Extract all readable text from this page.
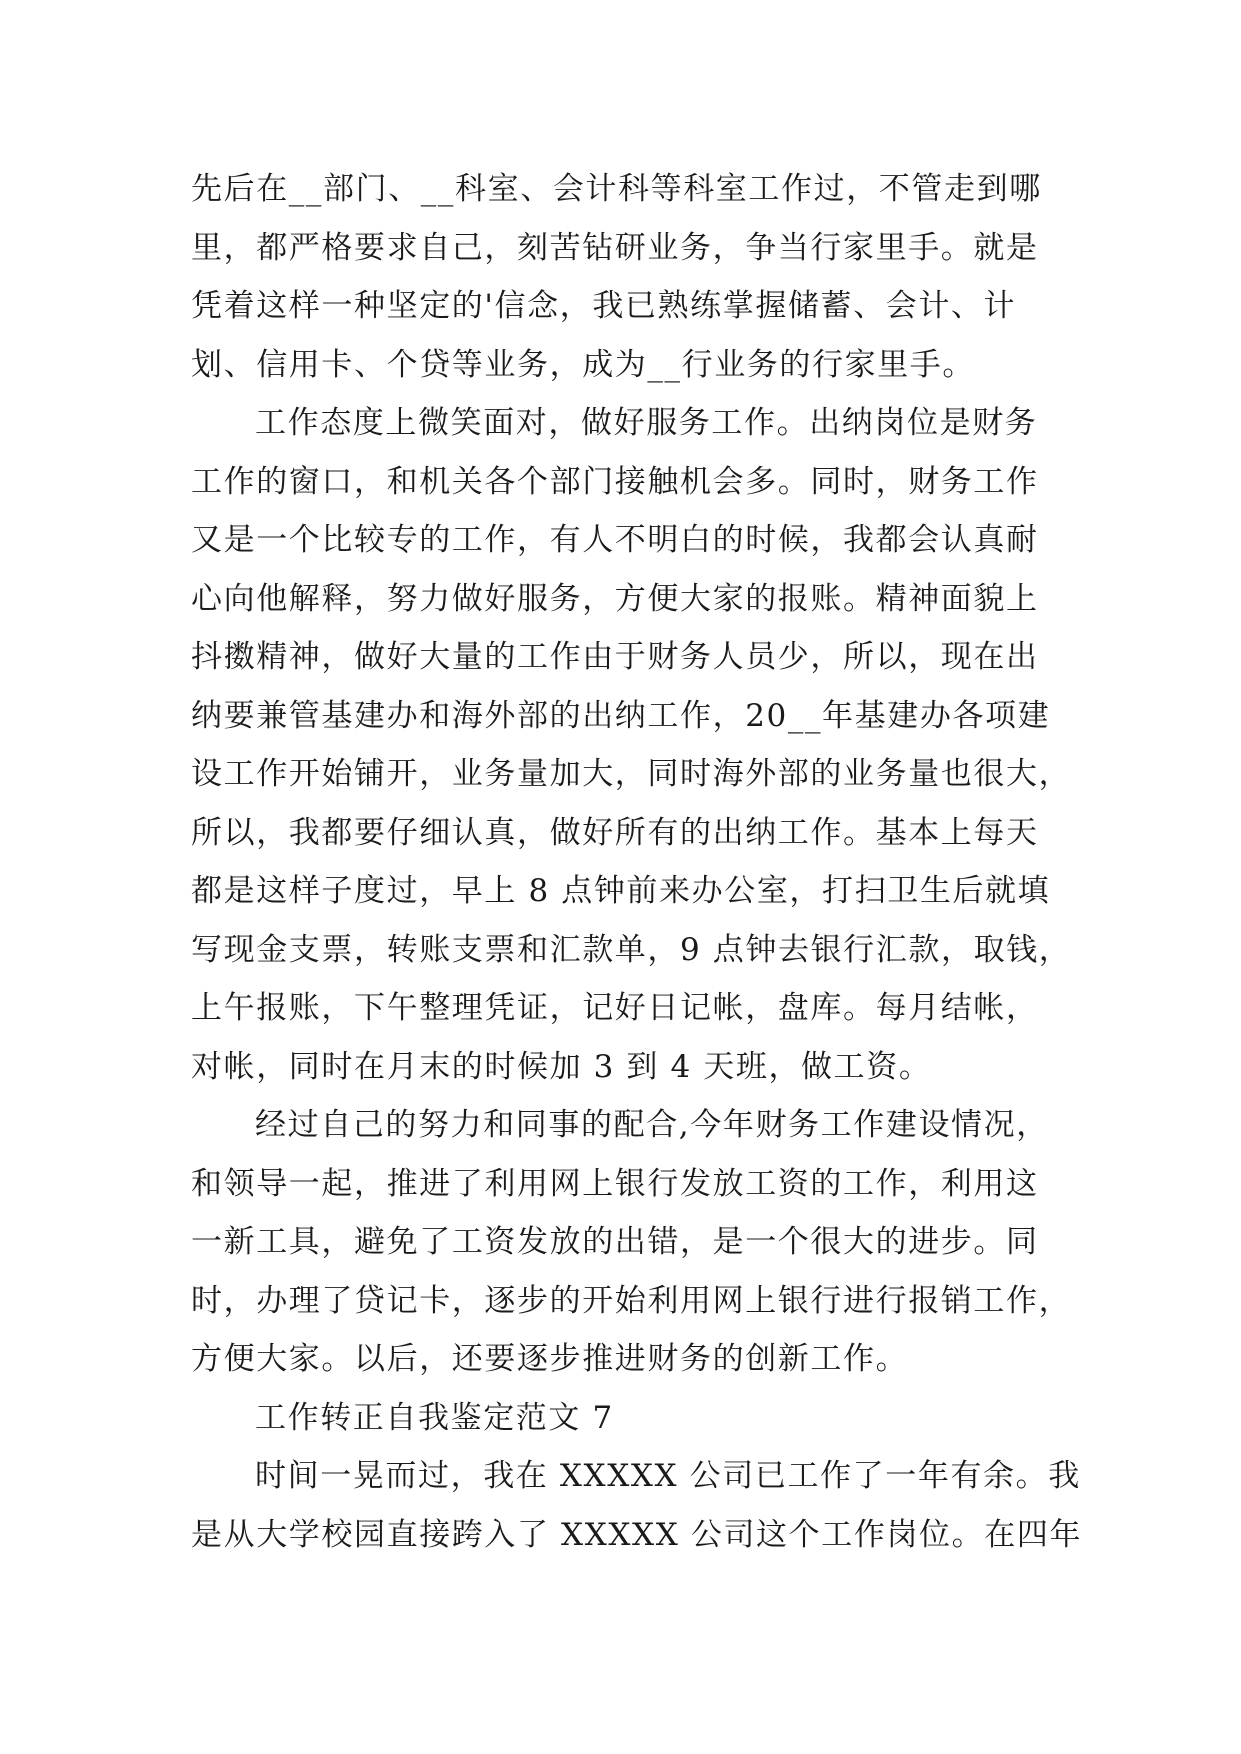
先后在__部门、__科室、会计科等科室工作过，不管走到哪
里，都严格要求自己，刻苦钻研业务，争当行家里手。就是
凭着这样一种坚定的'信念，我已熟练掌握储蓄、会计、计
划、信用卡、个贷等业务，成为__行业务的行家里手。
工作态度上微笑面对，做好服务工作。出纳岗位是财务
工作的窗口，和机关各个部门接触机会多。同时，财务工作
又是一个比较专的工作，有人不明白的时候，我都会认真耐
心向他解释，努力做好服务，方便大家的报账。精神面貌上
抖擞精神，做好大量的工作由于财务人员少，所以，现在出
纳要兼管基建办和海外部的出纳工作，20__年基建办各项建
设工作开始铺开，业务量加大，同时海外部的业务量也很大，
所以，我都要仔细认真，做好所有的出纳工作。基本上每天
都是这样子度过，早上 8 点钟前来办公室，打扫卫生后就填
写现金支票，转账支票和汇款单，9 点钟去银行汇款，取钱，
上午报账，下午整理凭证，记好日记帐，盘库。每月结帐，
对帐，同时在月末的时候加 3 到 4 天班，做工资。
经过自己的努力和同事的配合,今年财务工作建设情况，
和领导一起，推进了利用网上银行发放工资的工作，利用这
一新工具，避免了工资发放的出错，是一个很大的进步。同
时，办理了贷记卡，逐步的开始利用网上银行进行报销工作，
方便大家。以后，还要逐步推进财务的创新工作。
工作转正自我鉴定范文 7
时间一晃而过，我在 XXXXX 公司已工作了一年有余。我
是从大学校园直接跨入了 XXXXX 公司这个工作岗位。在四年
